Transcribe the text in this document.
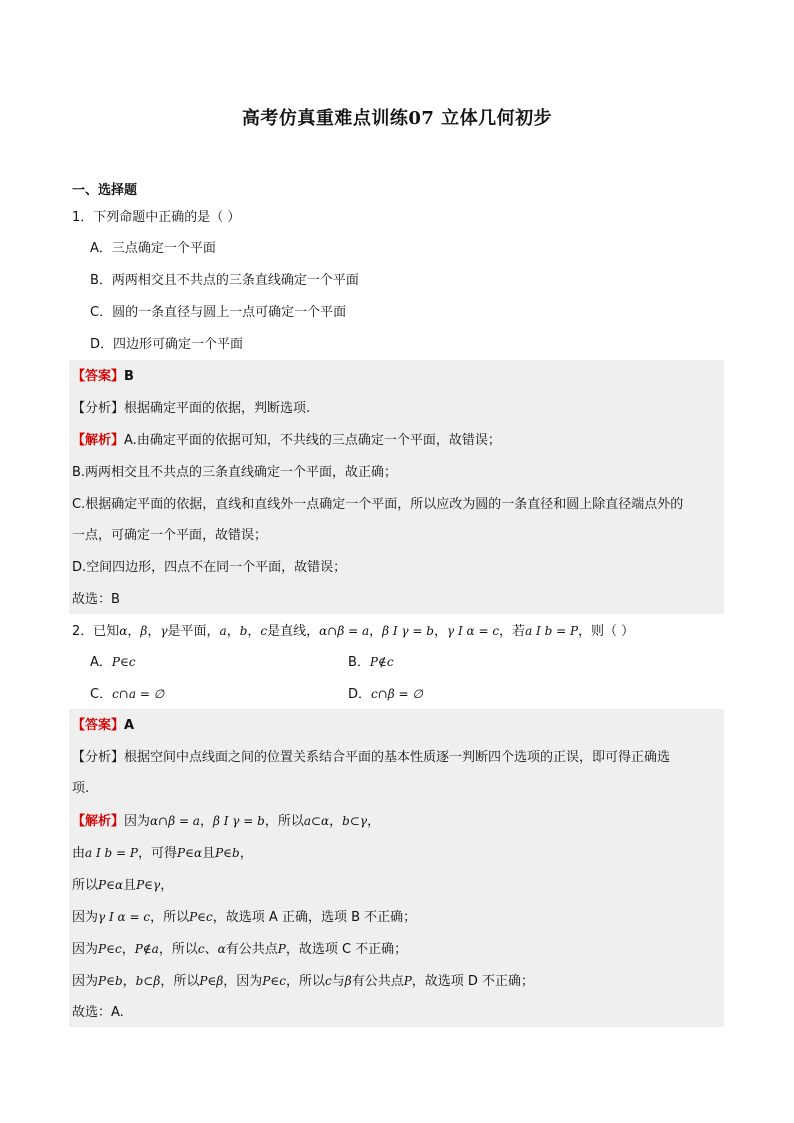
高考仿真重难点训练07 立体几何初步
一、选择题
1．下列命题中正确的是（ ）
A．三点确定一个平面
B．两两相交且不共点的三条直线确定一个平面
C．圆的一条直径与圆上一点可确定一个平面
D．四边形可确定一个平面
【答案】B
【分析】根据确定平面的依据，判断选项.
【解析】A.由确定平面的依据可知，不共线的三点确定一个平面，故错误；
B.两两相交且不共点的三条直线确定一个平面，故正确；
C.根据确定平面的依据，直线和直线外一点确定一个平面，所以应改为圆的一条直径和圆上除直径端点外的
一点，可确定一个平面，故错误；
D.空间四边形，四点不在同一个平面，故错误；
故选：B
2．已知α，β，γ是平面，a，b，c是直线，α∩β = a，β I γ = b，γ I α = c，若a I b = P，则（ ）
A．P∈c	B．P∉c
C．c∩a = ∅	D．c∩β = ∅
【答案】A
【分析】根据空间中点线面之间的位置关系结合平面的基本性质逐一判断四个选项的正误，即可得正确选
项.
【解析】因为α∩β = a，β I γ = b，所以a⊂α，b⊂γ，
由a I b = P，可得P∈α且P∈b，
所以P∈α且P∈γ，
因为γ I α = c，所以P∈c，故选项 A 正确，选项 B 不正确；
因为P∈c，P∉a，所以c、α有公共点P，故选项 C 不正确；
因为P∈b，b⊂β，所以P∈β，因为P∈c，所以c与β有公共点P，故选项 D 不正确；
故选：A.
